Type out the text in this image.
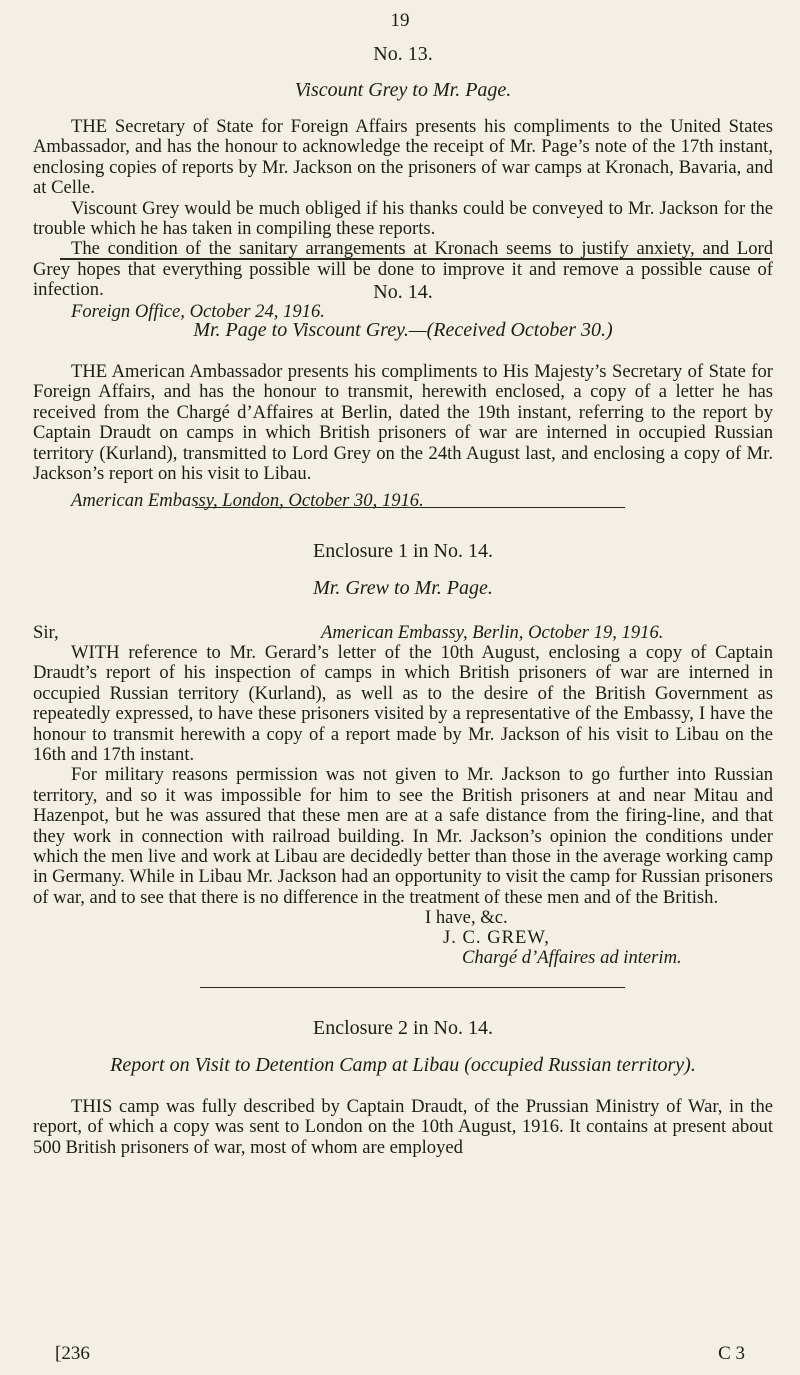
19
No. 13.
Viscount Grey to Mr. Page.

THE Secretary of State for Foreign Affairs presents his compliments to the United States Ambassador, and has the honour to acknowledge the receipt of Mr. Page’s note of the 17th instant, enclosing copies of reports by Mr. Jackson on the prisoners of war camps at Kronach, Bavaria, and at Celle.

Viscount Grey would be much obliged if his thanks could be conveyed to Mr. Jackson for the trouble which he has taken in compiling these reports.

The condition of the sanitary arrangements at Kronach seems to justify anxiety, and Lord Grey hopes that everything possible will be done to improve it and remove a possible cause of infection.

Foreign Office, October 24, 1916.
No. 14.
Mr. Page to Viscount Grey.—(Received October 30.)

THE American Ambassador presents his compliments to His Majesty’s Secretary of State for Foreign Affairs, and has the honour to transmit, herewith enclosed, a copy of a letter he has received from the Chargé d’Affaires at Berlin, dated the 19th instant, referring to the report by Captain Draudt on camps in which British prisoners of war are interned in occupied Russian territory (Kurland), transmitted to Lord Grey on the 24th August last, and enclosing a copy of Mr. Jackson’s report on his visit to Libau.

American Embassy, London, October 30, 1916.
Enclosure 1 in No. 14.
Mr. Grew to Mr. Page.
Sir,	American Embassy, Berlin, October 19, 1916.

WITH reference to Mr. Gerard’s letter of the 10th August, enclosing a copy of Captain Draudt’s report of his inspection of camps in which British prisoners of war are interned in occupied Russian territory (Kurland), as well as to the desire of the British Government as repeatedly expressed, to have these prisoners visited by a representative of the Embassy, I have the honour to transmit herewith a copy of a report made by Mr. Jackson of his visit to Libau on the 16th and 17th instant.

For military reasons permission was not given to Mr. Jackson to go further into Russian territory, and so it was impossible for him to see the British prisoners at and near Mitau and Hazenpot, but he was assured that these men are at a safe distance from the firing-line, and that they work in connection with railroad building. In Mr. Jackson’s opinion the conditions under which the men live and work at Libau are decidedly better than those in the average working camp in Germany. While in Libau Mr. Jackson had an opportunity to visit the camp for Russian prisoners of war, and to see that there is no difference in the treatment of these men and of the British.

I have, &c.
J. C. GREW,
Chargé d’Affaires ad interim.
Enclosure 2 in No. 14.
Report on Visit to Detention Camp at Libau (occupied Russian territory).

THIS camp was fully described by Captain Draudt, of the Prussian Ministry of War, in the report, of which a copy was sent to London on the 10th August, 1916. It contains at present about 500 British prisoners of war, most of whom are employed

[236	C 3
